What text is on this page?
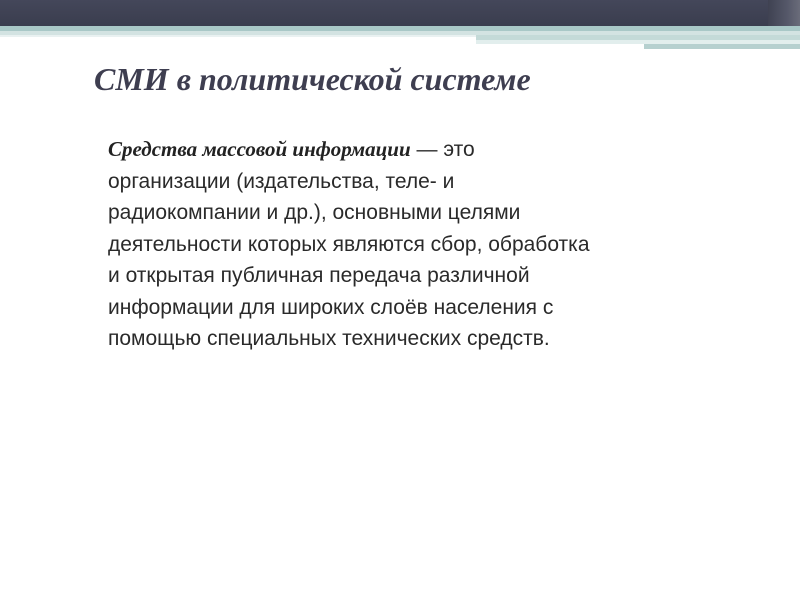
СМИ в политической системе
Средства массовой информации — это
организации (издательства, теле- и
радиокомпании и др.), основными целями
деятельности которых являются сбор, обработка
и открытая публичная передача различной
информации для широких слоёв населения с
помощью специальных технических средств.
